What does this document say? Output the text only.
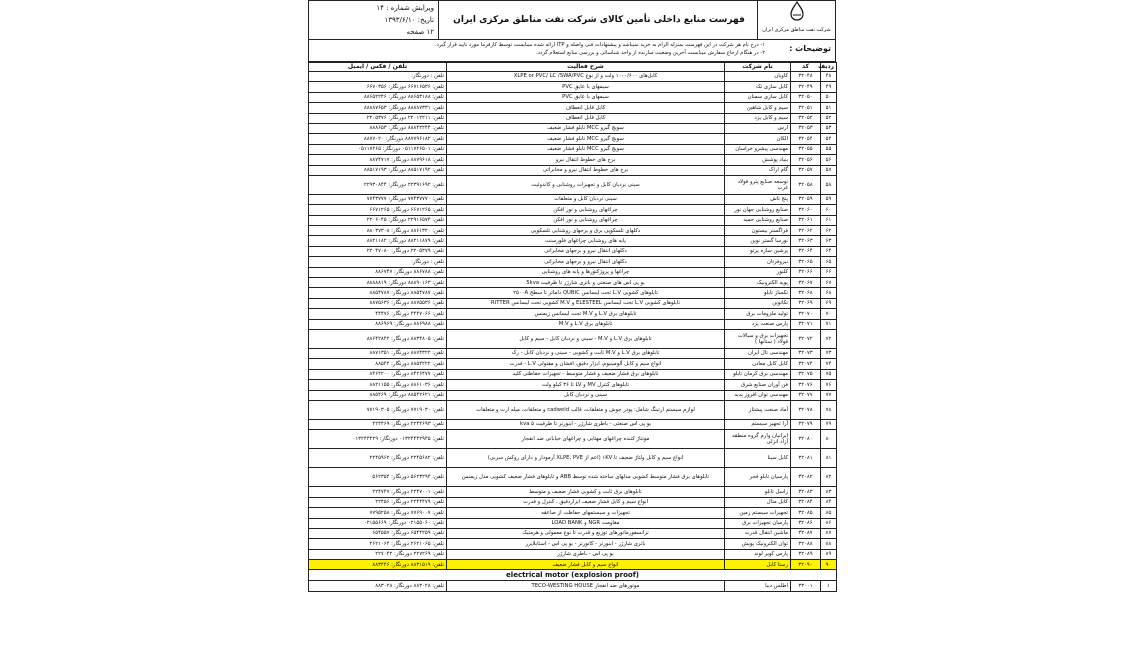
ویرایش شماره : ۱۴
تاریخ: ۱۳۹۳/۶/۱۰
۱۲ صفحه
فهرست منابع داخلی تأمین کالای شرکت نفت مناطق مرکزی ایران
شرکت نفت مناطق مرکزی ایران
توضیحات :
۱- درج نام هر شرکت در این فهرست بمنزله الزام به خرید نمیباشد و پیشنهادات فنی واصله و ITP ارائه شده میبایست توسط کارفرما مورد تایید قرار گیرد.
۲- در هنگام ارجاع سفارش میبایست آخرین وضعیت سازنده از واحد شناسائی و بررسی منابع استعلام گردد.
ردیف	کد	نام شرکت	شرح فعالیت	تلفن / فکس / ایمیل
۴۸	۳۲۰۴۸	کاویان	کابل‌های ۱۰۰۰/۶۰۰ ولت و از نوع XLPE or PVC/ LC /SWA/PVC	تلفن : دورنگار:
۴۹	۳۲۰۴۹	کابل سازی تک	سیمهای با عایق PVC	تلفن: ۶۶۷۱۶۵۳۶ دورنگار: ۶۶۷۰۳۵۶
۵۰	۳۲۰۵۰	کابل سازی سمنان	سیمهای با عایق PVC	تلفن: ۸۸۶۵۳۱۸۸ دورنگار: ۸۸۶۵۲۲۴۶
۵۱	۳۲۰۵۱	سیم و کابل شاهین	کابل قابل انعطاف	تلفن: ۸۸۸۸۷۳۳۱ دورنگار: ۸۸۸۸۷۶۵۳
۵۲	۳۲۰۵۲	سیم و کابل یزد	کابل قابل انعطاف	تلفن: ۲۲۰۱۲۲۱۱ دورنگار: ۲۲۰۵۳۷۶
۵۳	۳۲۰۵۳	ارس	سویچ گیرو MCC تابلو فشار ضعیف	تلفن: ۸۸۸۴۲۲۴۴ دورنگار: ۸۸۸۶۵۳
۵۴	۳۲۰۵۴	الکان	سویچ گیرو MCC تابلو فشار ضعیف	تلفن: ۸۸۷۷۹۶۱۸۲ دورنگار: ۸۸۷۷۰۲۰
۵۵	۳۲۰۵۵	مهندسی پیشرو خراسان	سویچ گیرو MCC تابلو فشار ضعیف	تلفن: ۰۵۱۱۷۲۶۵۰۱ دورنگار: ۰۵۱۱۷۲۶۵
۵۶	۳۲۰۵۶	بنیاد پوشش	برج های خطوط انتقال نیرو	تلفن: ۸۸۷۹۶۱۸ دورنگار: ۸۸۷۴۷۱۷
۵۷	۳۲۰۵۷	گام اراک	برج های خطوط انتقال نیرو و مخابراتی	تلفن: ۸۸۵۱۷۱۹۲ دورنگار: ۸۸۵۱۷۱۹۳
۵۸	۳۲۰۵۸	توسعه صنایع پترو فولاد غرب	سینی نردبان کابل و تجهیزات روشنایی و کاندوئیت	تلفن: ۲۲۳۹۱۶۹۲ دورنگار: ۲۲۹۳۰۸۴۴
۵۹	۳۲۰۵۹	پنج تاش	سینی نردبان کابل و متعلقات	تلفن: ۷۷۴۳۷۷۷۰ دورنگار: ۷۷۴۳۷۷۷
۶۰	۳۲۰۶۰	صنایع روشنایی جهان نور	چراغهای روشنایی و نور افکن	تلفن: ۶۶۷۱۲۶۵ دورنگار: ۶۶۷۱۲۶۵
۶۱	۳۲۰۶۱	صنایع روشنایی حمید	چراغهای روشنایی و نور افکن	تلفن: ۲۲۹۱۶۵۷۴ دورنگار: ۲۲۰۶۰۴۵
۶۲	۳۲۰۶۲	فراگستر بیستون	دکلهای تلسکوپی برق و برجهای روشنایی تلسکوپی	تلفن: ۸۸۶۱۳۲۰ دورنگار: ۸۸۰۳۷۳۰۸
۶۳	۳۲۰۶۳	نورسا گستر نوین	پایه های روشنایی چراغهای فلورسنت	تلفن: ۸۸۲۱۱۸۷۹ دورنگار: ۸۸۲۱۱۸۲
۶۴	۳۲۰۶۴	پرشین سازه پرتو	دکلهای انتقال نیرو و برجهای مخابراتی	تلفن: ۲۲۰۵۳۷۹ دورنگار: ۲۲۰۴۷۰۸۰
۶۵	۳۲۰۶۵	نیروفرتان	دکلهای انتقال نیرو و برجهای مخابراتی	تلفن : دورنگار:
۶۶	۳۲۰۶۶	کلنور	چراغها و پروژکتورها و پایه های روشنایی	تلفن: ۸۸۶۷۸۸ دورنگار: ۸۸۶۷۴۷
۶۷	۳۲۰۶۷	پویه الکترونیک	یو پی اس های صنعتی و باتری شارژر تا ظرفیت 5kva	تلفن: ۸۸۸۹۰۱۶۳ دورنگار: ۸۸۸۸۸۱۹
۶۸	۳۲۰۶۸	تکساز تابلو	تابلوهای کشویی L.V تحت لیسانس QUBIC داماتر تا سطح ۲۵۰۰A	تلفن: ۸۸۵۴۷۸۷ دورنگار: ۸۸۵۴۷۸۷
۶۹	۳۲۰۶۹	تکاتوین	تابلوهای کشویی L.V تحت لیسانس ELESTEEL و M.V کشویی تحت لیسانس RITTER	تلفن: ۸۸۷۵۵۳۶ دورنگار: ۸۸۷۵۶۳۶
۷۰	۳۲۰۷۰	تولید ملزومات برق	تابلوهای برق L.V و M.V تحت لیسانس زیمنس	تلفن: ۴۴۴۷۰۶۶ دورنگار: ۴۴۴۷۶
۷۱	۳۲۰۷۱	پارس صنعت یزد	تابلوهای برق L.V و M.V	تلفن: ۸۸۶۹۸۸ دورنگار: ۸۸۶۹۶۹
۷۲	۳۲۰۷۲	تجهیزات برق و سیالات فولاد ( ستانها )	تابلوهای برق L.V و M.V - سینی و نردبان کابل - سیم و کابل	تلفن: ۸۸۳۴۸۰۵ دورنگار: ۸۸۶۴۲۸۴۲
۷۳	۳۲۰۷۳	مهندسی تال ایران	تابلوهای برق L.V و M.V ثابت و کشویی - سینی و نردبان کابل - رک	تلفن: ۸۸۷۴۳۲۲ دورنگار: ۸۸۷۱۳۵۱
۷۴	۳۲۰۷۴	کابل کابل معادن	انواع سیم و کابل آلومینیوم، ابزار دقیق، افشان و مفتولی L.V - قدرت	تلفن: ۸۸۵۴۲۲۲ دورنگار: ۸۸۵۴۲
۷۵	۳۲۰۷۵	مهندسی برق کرمان تابلو	تابلوهای برق فشار ضعیف و فشار متوسط - تجهیزات حفاظتی کلید	تلفن: ۸۴۲۶۴۷۷ دورنگار: ۸۴۶۴۲۰۰
۷۶	۳۲۰۷۶	فن آوران صنایع شرق	تابلوهای کنترل MV و LV تا ۳۶ کیلو ولت	تلفن: ۸۸۶۱۰۳۶ دورنگار: ۸۸۲۱۱۵۵
۷۷	۳۲۰۷۷	مهندسی توان افروز پدید	سینی و نردبان کابل	تلفن: ۸۸۵۴۲۶۲۱ دورنگار: ۸۸۵۴۶۹
۷۸	۳۲۰۷۸	آماد صنعت پیشتاز	لوازم سیستم ارتینگ شامل: پودر جوش و متعلقات، قالب cadweld و متعلقات، میله ارت و متعلقات	تلفن: ۷۷۱۹۰۳۰ دورنگار: ۷۷۱۹۰۳۰۵
۷۹	۳۲۰۷۹	آرا تجهیز سیستم	یو پی اس صنعتی - باطری شارژر - اینورتر تا ظرفیت ۵ kva	تلفن: ۲۲۴۴۶۹۳ دورنگار: ۲۲۴۴۶۹
۸۰	۳۲۰۸۰	ایرانیان وارم گروه منطقه آزاد انزلی	موتناژ کننده چراغهای مهتابی و چراغهای خیابانی ضد انفجار	تلفن: ۰۱۳۲۴۴۴۲۹۴۵ دورنگار: ۰۱۳۲۴۴۴۲۹
۸۱	۳۲۰۸۱	کابل سینا	انواع سیم و کابل ولتاژ ضعیف تا ۱KV (اعم از XLPE, PVE آرمودار و دارای روکش سربی)	تلفن: ۲۲۴۵۶۸۲ دورنگار: ۲۲۴۵۹۶۲
۸۲	۳۲۰۸۲	پارسیان تابلو فجر	تابلوهای برق فشار متوسط کشویی مدلهای ساخته شده توسط ABB و تابلوهای فشار ضعیف کشویی مدل زیمنس	تلفن: ۵۶۲۳۲۹۴ دورنگار: ۵۶۲۳۵۴
۸۳	۳۲۰۸۳	راسل تابلو	تابلوهای برق ثابت و کشویی فشار ضعیف و متوسط	تلفن: ۲۲۴۷۰۰۱ دورنگار: ۲۲۴۷۴۷
۸۴	۳۲۰۸۴	کابل متال	انواع سیم و کابل فشار ضعیف ابزاردقیق ، کنترل و قدرت	تلفن: ۲۲۴۴۴۷۹ دورنگار: ۲۲۴۵۶
۸۵	۳۲۰۸۵	تجهیزات سیستم زمین	تجهیزات و سیستمهای حفاظت از صاعقه	تلفن: ۷۷۶۹۰۰۷ دورنگار: ۷۷۹۵۲۵۸
۸۶	۳۲۰۸۶	پارسان تجهیزات برق	مقاومت NGR و LOAD BANK	تلفن: ۰۲۱۵۵۰۶۰ دورنگار: ۰۲۱۵۵۶۶۹
۸۷	۳۲۰۸۷	ماشین انتقال قدرت	ترانسفورماتورهای توزیع و قدرت تا نوع معمولی و هرمتیک	تلفن: ۶۵۴۴۲۵۹ دورنگار: ۶۵۴۵۵۷
۸۸	۳۲۰۸۸	توان الکترونیک پویش	باتری شارژر - اینورتر - کانورتر - یو پی اس - استابلایزر	تلفن: ۲۶۲۱۰۶۵ دورنگار: ۲۶۲۱۰۶۴
۸۹	۳۲۰۸۹	پارس کویر لوند	یو پی اس - باطری شارژر	تلفن: ۲۲۷۲۶۹ دورنگار: ۲۲۷۰۴۲
۹۰	۳۲۰۹۰	رستا کابل	انواع سیم و کابل فشار ضعیف	تلفن: ۸۸۳۱۵۱۹ دورنگار: ۸۸۳۴۴۶
electrical motor (explosion proof)				
۱	۳۳۰۰۱	اطلس دیبا	موتورهای ضد انفجار TECO-WESTING HOUSE	تلفن: ۸۸۳۰۲۸ دورنگار: ۸۸۳۰۲۸
